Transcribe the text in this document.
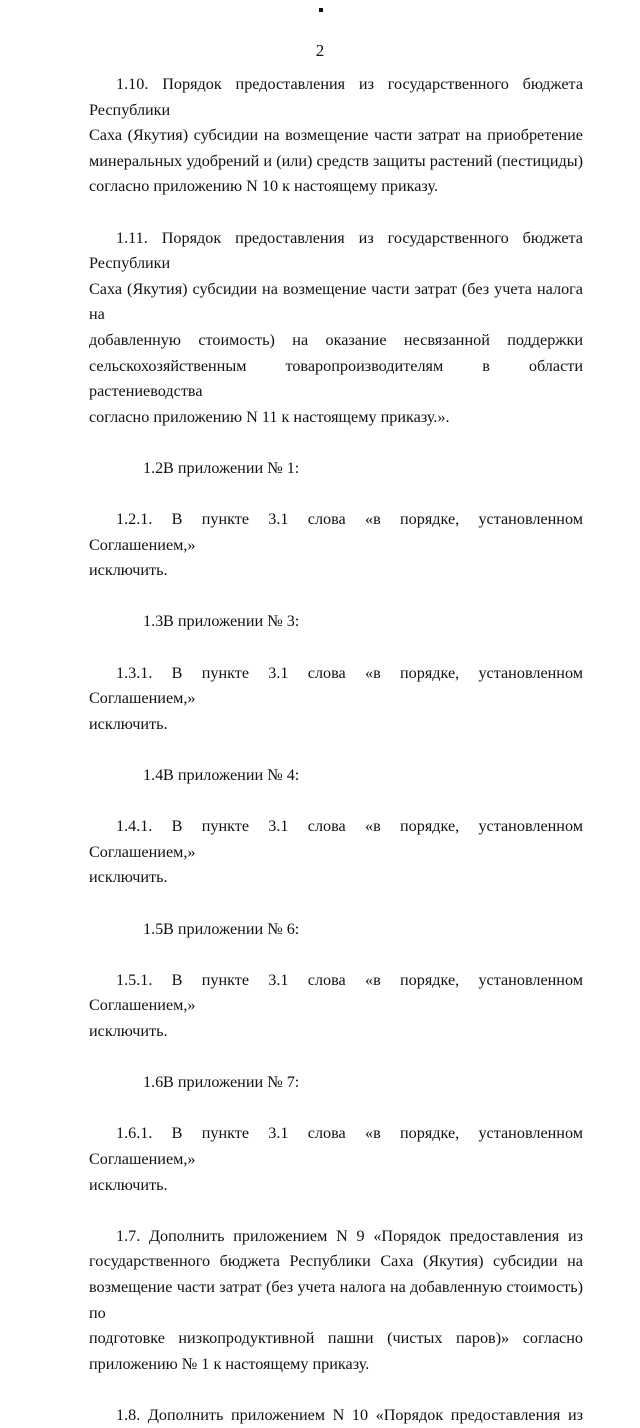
2
1.10. Порядок предоставления из государственного бюджета Республики
Саха (Якутия) субсидии на возмещение части затрат на приобретение
минеральных удобрений и (или) средств защиты растений (пестициды)
согласно приложению N 10 к настоящему приказу.
1.11. Порядок предоставления из государственного бюджета Республики
Саха (Якутия) субсидии на возмещение части затрат (без учета налога на
добавленную стоимость) на оказание несвязанной поддержки
сельскохозяйственным товаропроизводителям в области растениеводства
согласно приложению N 11 к настоящему приказу.».
1.2.В приложении № 1:
1.2.1. В пункте 3.1 слова «в порядке, установленном Соглашением,»
исключить.
1.3.В приложении № 3:
1.3.1. В пункте 3.1 слова «в порядке, установленном Соглашением,»
исключить.
1.4.В приложении № 4:
1.4.1. В пункте 3.1 слова «в порядке, установленном Соглашением,»
исключить.
1.5.В приложении № 6:
1.5.1. В пункте 3.1 слова «в порядке, установленном Соглашением,»
исключить.
1.6.В приложении № 7:
1.6.1. В пункте 3.1 слова «в порядке, установленном Соглашением,»
исключить.
1.7. Дополнить приложением N 9 «Порядок предоставления из
государственного бюджета Республики Саха (Якутия) субсидии на
возмещение части затрат (без учета налога на добавленную стоимость) по
подготовке низкопродуктивной пашни (чистых паров)» согласно
приложению № 1 к настоящему приказу.
1.8. Дополнить приложением N 10 «Порядок предоставления из
